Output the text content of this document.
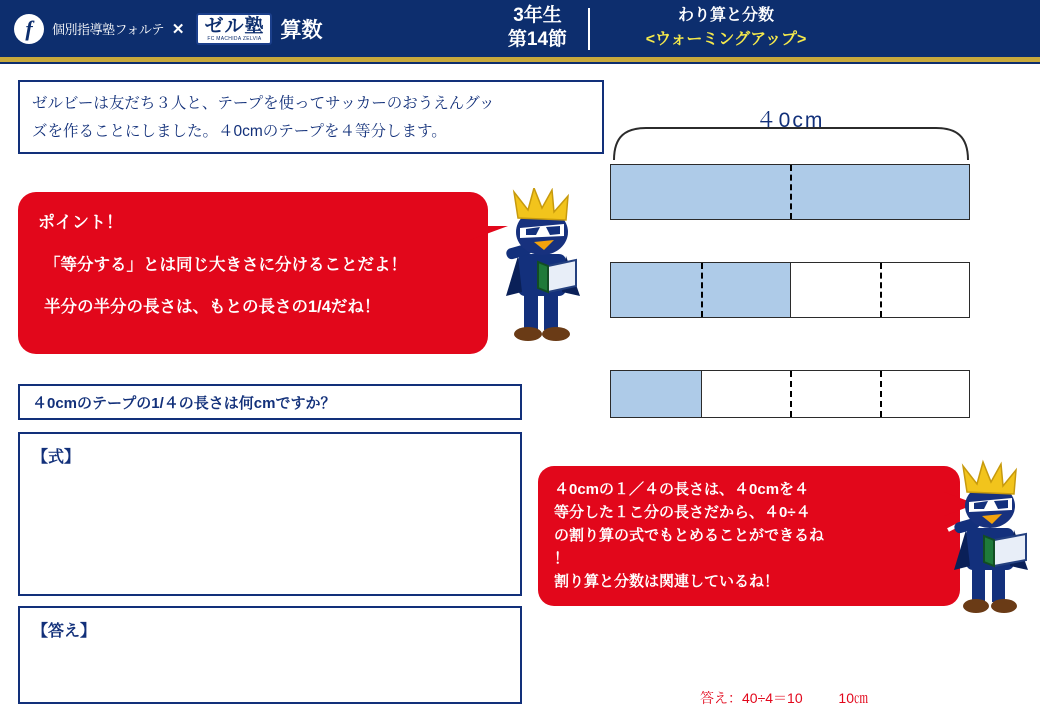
f	個別指導塾フォルテ ✕ ゼル塾
FC MACHIDA ZELVIA 算数
3年生
第14節
わり算と分数
<ウォーミングアップ>

ゼルビーは友だち３人と、テープを使ってサッカーのおうえんグッ

ズを作ることにしました。４0cmのテープを４等分します。

ポイント！
「等分する」とは同じ大きさに分けることだよ！
半分の半分の長さは、もとの長さの1/4だね！
４0cmのテープの1/４の長さは何cmですか？
【式】
【答え】
４0cm

４0cmの１／４の長さは、４0cmを４

等分した１こ分の長さだから、４0÷４

の割り算の式でもとめることができるね

！

割り算と分数は関連しているね！

答え：40÷4＝10	10㎝
